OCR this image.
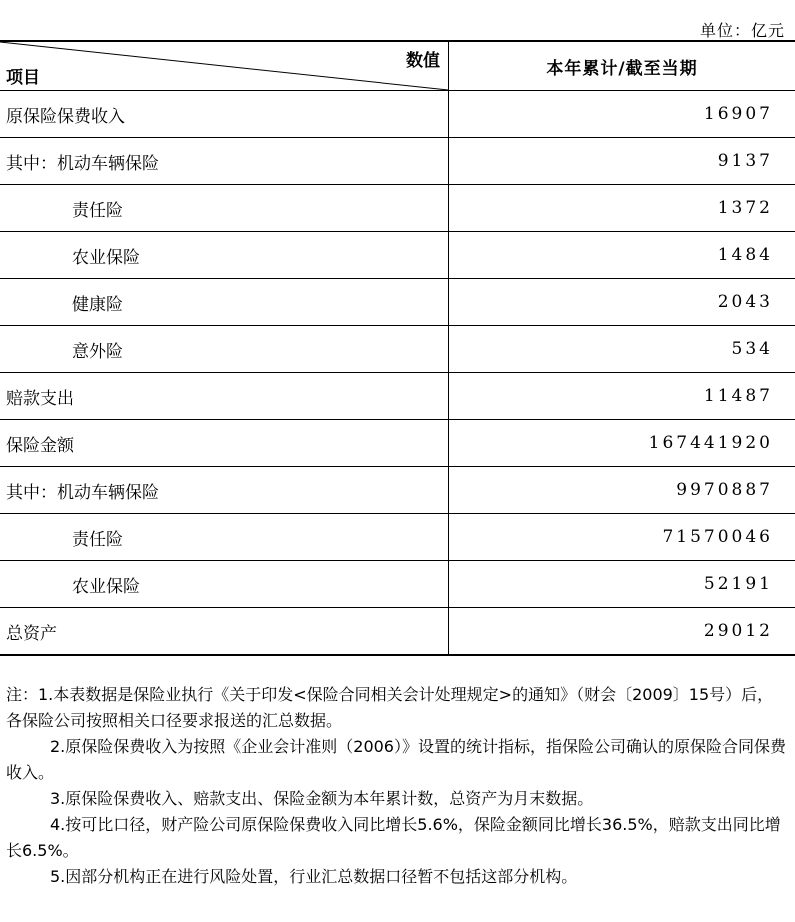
单位：亿元
数值
项目	本年累计/截至当期
原保险保费收入	16907
其中：机动车辆保险	9137
责任险	1372
农业保险	1484
健康险	2043
意外险	534
赔款支出	11487
保险金额	167441920
其中：机动车辆保险	9970887
责任险	71570046
农业保险	52191
总资产	29012

注：1.本表数据是保险业执行《关于印发<保险合同相关会计处理规定>的通知》（财会〔2009〕15号）后，各保险公司按照相关口径要求报送的汇总数据。

2.原保险保费收入为按照《企业会计准则（2006）》设置的统计指标，指保险公司确认的原保险合同保费收入。

3.原保险保费收入、赔款支出、保险金额为本年累计数，总资产为月末数据。

4.按可比口径，财产险公司原保险保费收入同比增长5.6%，保险金额同比增长36.5%，赔款支出同比增长6.5%。

5.因部分机构正在进行风险处置，行业汇总数据口径暂不包括这部分机构。
